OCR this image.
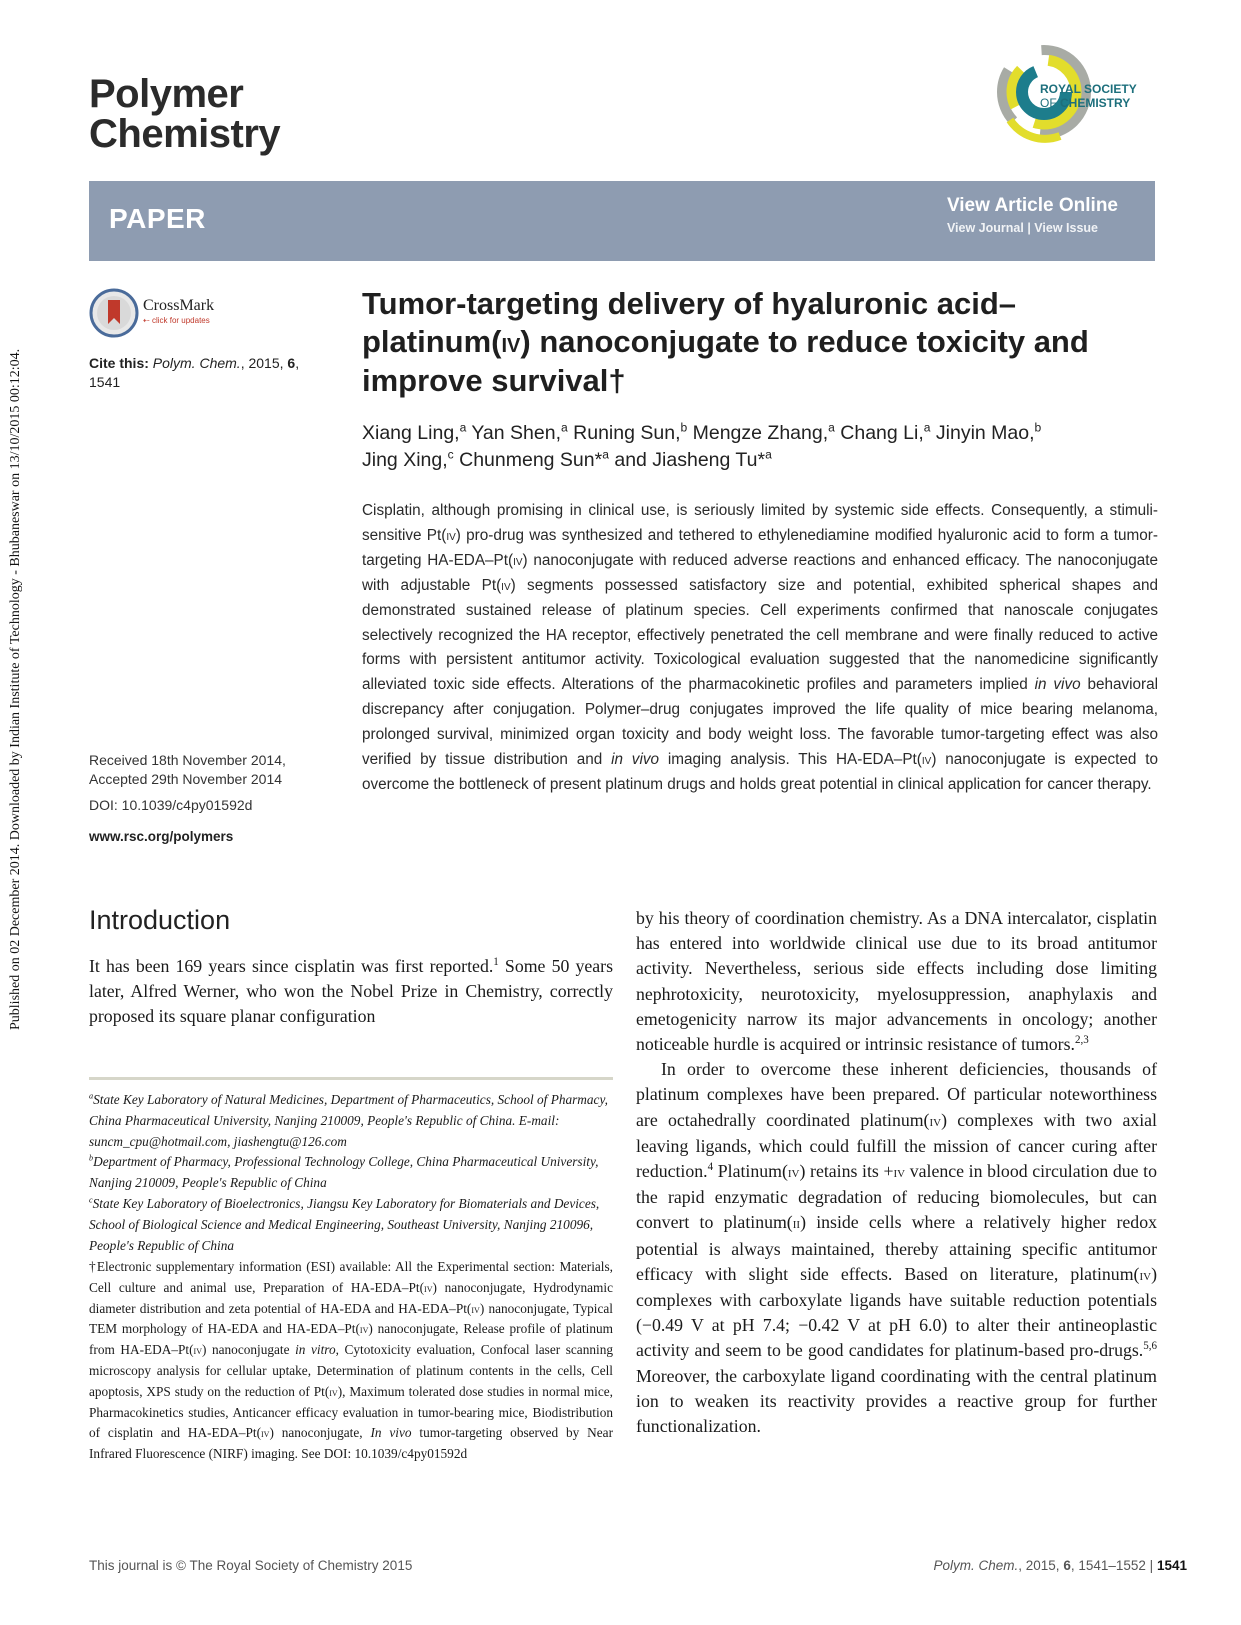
Polymer
Chemistry
ROYAL SOCIETY
OF CHEMISTRY
PAPER	View Article Online
View Journal | View Issue
Published on 02 December 2014. Downloaded by Indian Institute of Technology - Bhubaneswar on 13/10/2015 00:12:04.
CrossMark
⇠ click for updates
Cite this: Polym. Chem., 2015, 6, 1541
Received 18th November 2014,
Accepted 29th November 2014
DOI: 10.1039/c4py01592d
www.rsc.org/polymers
Tumor-targeting delivery of hyaluronic acid–platinum(iv) nanoconjugate to reduce toxicity and improve survival†
Xiang Ling,$^a$ Yan Shen,$^a$ Runing Sun,$^b$ Mengze Zhang,$^a$ Chang Li,$^a$ Jinyin Mao,$^b$
Jing Xing,$^c$ Chunmeng Sun*$^a$ and Jiasheng Tu*$^a$
Cisplatin, although promising in clinical use, is seriously limited by systemic side effects. Consequently, a stimuli-sensitive Pt(iv) pro-drug was synthesized and tethered to ethylenediamine modified hyaluronic acid to form a tumor-targeting HA-EDA–Pt(iv) nanoconjugate with reduced adverse reactions and enhanced efficacy. The nanoconjugate with adjustable Pt(iv) segments possessed satisfactory size and potential, exhibited spherical shapes and demonstrated sustained release of platinum species. Cell experiments confirmed that nanoscale conjugates selectively recognized the HA receptor, effectively penetrated the cell membrane and were finally reduced to active forms with persistent antitumor activity. Toxicological evaluation suggested that the nanomedicine significantly alleviated toxic side effects. Alterations of the pharmacokinetic profiles and parameters implied in vivo behavioral discrepancy after conjugation. Polymer–drug conjugates improved the life quality of mice bearing melanoma, prolonged survival, minimized organ toxicity and body weight loss. The favorable tumor-targeting effect was also verified by tissue distribution and in vivo imaging analysis. This HA-EDA–Pt(iv) nanoconjugate is expected to overcome the bottleneck of present platinum drugs and holds great potential in clinical application for cancer therapy.
Introduction
It has been 169 years since cisplatin was first reported.$^1$ Some 50 years later, Alfred Werner, who won the Nobel Prize in Chemistry, correctly proposed its square planar configuration

$^a$State Key Laboratory of Natural Medicines, Department of Pharmaceutics, School of Pharmacy, China Pharmaceutical University, Nanjing 210009, People's Republic of China. E-mail: suncm_cpu@hotmail.com, jiashengtu@126.com

$^b$Department of Pharmacy, Professional Technology College, China Pharmaceutical University, Nanjing 210009, People's Republic of China

$^c$State Key Laboratory of Bioelectronics, Jiangsu Key Laboratory for Biomaterials and Devices, School of Biological Science and Medical Engineering, Southeast University, Nanjing 210096, People's Republic of China

†Electronic supplementary information (ESI) available: All the Experimental section: Materials, Cell culture and animal use, Preparation of HA-EDA–Pt(iv) nanoconjugate, Hydrodynamic diameter distribution and zeta potential of HA-EDA and HA-EDA–Pt(iv) nanoconjugate, Typical TEM morphology of HA-EDA and HA-EDA–Pt(iv) nanoconjugate, Release profile of platinum from HA-EDA–Pt(iv) nanoconjugate in vitro, Cytotoxicity evaluation, Confocal laser scanning microscopy analysis for cellular uptake, Determination of platinum contents in the cells, Cell apoptosis, XPS study on the reduction of Pt(iv), Maximum tolerated dose studies in normal mice, Pharmacokinetics studies, Anticancer efficacy evaluation in tumor-bearing mice, Biodistribution of cisplatin and HA-EDA–Pt(iv) nanoconjugate, In vivo tumor-targeting observed by Near Infrared Fluorescence (NIRF) imaging. See DOI: 10.1039/c4py01592d

by his theory of coordination chemistry. As a DNA intercalator, cisplatin has entered into worldwide clinical use due to its broad antitumor activity. Nevertheless, serious side effects including dose limiting nephrotoxicity, neurotoxicity, myelosuppression, anaphylaxis and emetogenicity narrow its major advancements in oncology; another noticeable hurdle is acquired or intrinsic resistance of tumors.$^{2,3}$

In order to overcome these inherent deficiencies, thousands of platinum complexes have been prepared. Of particular noteworthiness are octahedrally coordinated platinum(iv) complexes with two axial leaving ligands, which could fulfill the mission of cancer curing after reduction.$^4$ Platinum(iv) retains its +iv valence in blood circulation due to the rapid enzymatic degradation of reducing biomolecules, but can convert to platinum(ii) inside cells where a relatively higher redox potential is always maintained, thereby attaining specific antitumor efficacy with slight side effects. Based on literature, platinum(iv) complexes with carboxylate ligands have suitable reduction potentials (−0.49 V at pH 7.4; −0.42 V at pH 6.0) to alter their antineoplastic activity and seem to be good candidates for platinum-based pro-drugs.$^{5,6}$ Moreover, the carboxylate ligand coordinating with the central platinum ion to weaken its reactivity provides a reactive group for further functionalization.

This journal is © The Royal Society of Chemistry 2015	Polym. Chem., 2015, 6, 1541–1552 | 1541
